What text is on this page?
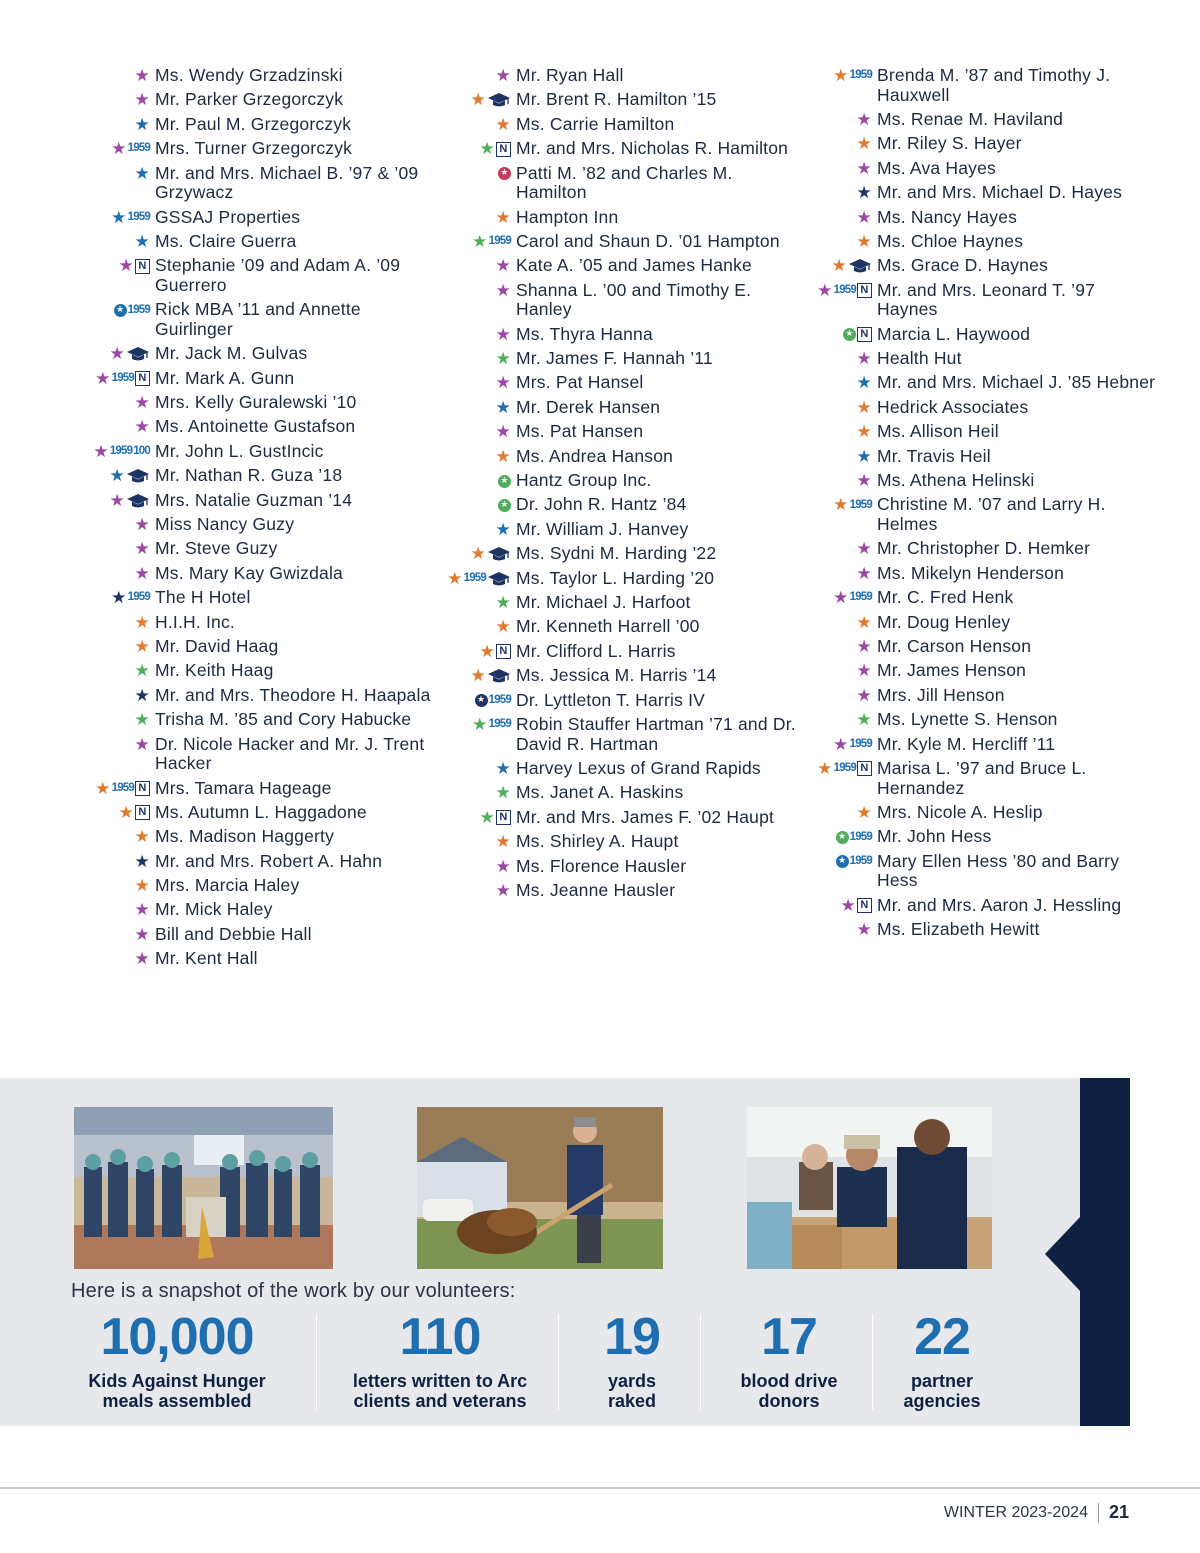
★ Ms. Wendy Grzadzinski
★ Mr. Parker Grzegorczyk
★ Mr. Paul M. Grzegorczyk
1959
★ Mrs. Turner Grzegorczyk
★ Mr. and Mrs. Michael B. ’97 & ’09 Grzywacz
1959
★ GSSAJ Properties
★ Ms. Claire Guerra
N
★ Stephanie ’09 and Adam A. ’09 Guerrero
1959
★ Rick MBA ’11 and Annette Guirlinger
★ Mr. Jack M. Gulvas
N
1959
★	Mr. Mark A. Gunn
★ Mrs. Kelly Guralewski ’10
★ Ms. Antoinette Gustafson
100
1959
★	Mr. John L. GustIncic
★ Mr. Nathan R. Guza ’18
★ Mrs. Natalie Guzman ’14
★ Miss Nancy Guzy
★ Mr. Steve Guzy
★ Ms. Mary Kay Gwizdala
1959
★ The H Hotel
★ H.I.H. Inc.
★ Mr. David Haag
★ Mr. Keith Haag
★ Mr. and Mrs. Theodore H. Haapala
★ Trisha M. ’85 and Cory Habucke
★ Dr. Nicole Hacker and Mr. J. Trent Hacker
N
1959
★	Mrs. Tamara Hageage
N
★ Ms. Autumn L. Haggadone
★ Ms. Madison Haggerty
★ Mr. and Mrs. Robert A. Hahn
★ Mrs. Marcia Haley
★ Mr. Mick Haley
★ Bill and Debbie Hall
★ Mr. Kent Hall
★ Mr. Ryan Hall
★ Mr. Brent R. Hamilton ’15
★ Ms. Carrie Hamilton
N
★ Mr. and Mrs. Nicholas R. Hamilton
★ Patti M. ’82 and Charles M. Hamilton
★ Hampton Inn
1959
★ Carol and Shaun D. ’01 Hampton
★ Kate A. ’05 and James Hanke
★ Shanna L. ’00 and Timothy E. Hanley
★ Ms. Thyra Hanna
★ Mr. James F. Hannah ’11
★ Mrs. Pat Hansel
★ Mr. Derek Hansen
★ Ms. Pat Hansen
★ Ms. Andrea Hanson
★ Hantz Group Inc.
★ Dr. John R. Hantz ’84
★ Mr. William J. Hanvey
★ Ms. Sydni M. Harding ’22
1959
★	Ms. Taylor L. Harding ’20
★ Mr. Michael J. Harfoot
★ Mr. Kenneth Harrell ’00
N
★ Mr. Clifford L. Harris
★ Ms. Jessica M. Harris ’14
1959
★ Dr. Lyttleton T. Harris IV
1959
★ Robin Stauffer Hartman ’71 and Dr. David R. Hartman
★ Harvey Lexus of Grand Rapids
★ Ms. Janet A. Haskins
N
★ Mr. and Mrs. James F. ’02 Haupt
★ Ms. Shirley A. Haupt
★ Ms. Florence Hausler
★ Ms. Jeanne Hausler
1959
★ Brenda M. ’87 and Timothy J. Hauxwell
★ Ms. Renae M. Haviland
★ Mr. Riley S. Hayer
★ Ms. Ava Hayes
★ Mr. and Mrs. Michael D. Hayes
★ Ms. Nancy Hayes
★ Ms. Chloe Haynes
★ Ms. Grace D. Haynes
N
1959
★	Mr. and Mrs. Leonard T. ’97 Haynes
N
★ Marcia L. Haywood
★ Health Hut
★ Mr. and Mrs. Michael J. ’85 Hebner
★ Hedrick Associates
★ Ms. Allison Heil
★ Mr. Travis Heil
★ Ms. Athena Helinski
1959
★ Christine M. ’07 and Larry H. Helmes
★ Mr. Christopher D. Hemker
★ Ms. Mikelyn Henderson
1959
★ Mr. C. Fred Henk
★ Mr. Doug Henley
★ Mr. Carson Henson
★ Mr. James Henson
★ Mrs. Jill Henson
★ Ms. Lynette S. Henson
1959
★ Mr. Kyle M. Hercliff ’11
N
1959
★	Marisa L. ’97 and Bruce L. Hernandez
★ Mrs. Nicole A. Heslip
1959
★ Mr. John Hess
1959
★ Mary Ellen Hess ’80 and Barry Hess
N
★ Mr. and Mrs. Aaron J. Hessling
★ Ms. Elizabeth Hewitt
Here is a snapshot of the work by our volunteers:
10,000
Kids Against Hunger
meals assembled
110
letters written to Arc
clients and veterans
19
yards
raked
17
blood drive
donors
22
partner
agencies
WINTER 2023-2024 21
